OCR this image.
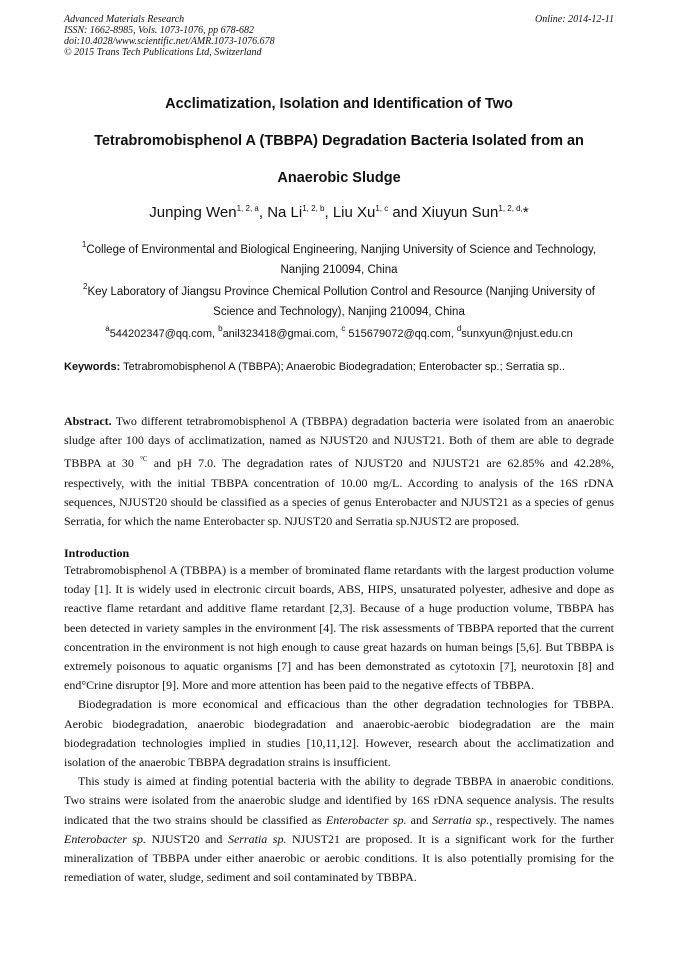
Advanced Materials Research
ISSN: 1662-8985, Vols. 1073-1076, pp 678-682
doi:10.4028/www.scientific.net/AMR.1073-1076.678
© 2015 Trans Tech Publications Ltd, Switzerland
Online: 2014-12-11
Acclimatization, Isolation and Identification of Two
Tetrabromobisphenol A (TBBPA) Degradation Bacteria Isolated from an
Anaerobic Sludge
Junping Wen$^{1, 2, a}$, Na Li$^{1, 2, b}$, Liu Xu$^{1, c}$ and Xiuyun Sun$^{1, 2, d,}$*
$^1$College of Environmental and Biological Engineering, Nanjing University of Science and Technology, Nanjing 210094, China
$^2$Key Laboratory of Jiangsu Province Chemical Pollution Control and Resource (Nanjing University of Science and Technology), Nanjing 210094, China
$^a$544202347@qq.com, $^b$anil323418@gmai.com, $^c$ 515679072@qq.com, $^d$sunxyun@njust.edu.cn
Keywords: Tetrabromobisphenol A (TBBPA); Anaerobic Biodegradation; Enterobacter sp.; Serratia sp..
Abstract. Two different tetrabromobisphenol A (TBBPA) degradation bacteria were isolated from an anaerobic sludge after 100 days of acclimatization, named as NJUST20 and NJUST21. Both of them are able to degrade TBBPA at 30 $^{^\circ C}$ and pH 7.0. The degradation rates of NJUST20 and NJUST21 are 62.85% and 42.28%, respectively, with the initial TBBPA concentration of 10.00 mg/L. According to analysis of the 16S rDNA sequences, NJUST20 should be classified as a species of genus Enterobacter and NJUST21 as a species of genus Serratia, for which the name Enterobacter sp. NJUST20 and Serratia sp.NJUST2 are proposed.
Introduction

Tetrabromobisphenol A (TBBPA) is a member of brominated flame retardants with the largest production volume today [1]. It is widely used in electronic circuit boards, ABS, HIPS, unsaturated polyester, adhesive and dope as reactive flame retardant and additive flame retardant [2,3]. Because of a huge production volume, TBBPA has been detected in variety samples in the environment [4]. The risk assessments of TBBPA reported that the current concentration in the environment is not high enough to cause great hazards on human beings [5,6]. But TBBPA is extremely poisonous to aquatic organisms [7] and has been demonstrated as cytotoxin [7], neurotoxin [8] and end°Crine disruptor [9]. More and more attention has been paid to the negative effects of TBBPA.

Biodegradation is more economical and efficacious than the other degradation technologies for TBBPA. Aerobic biodegradation, anaerobic biodegradation and anaerobic-aerobic biodegradation are the main biodegradation technologies implied in studies [10,11,12]. However, research about the acclimatization and isolation of the anaerobic TBBPA degradation strains is insufficient.

This study is aimed at finding potential bacteria with the ability to degrade TBBPA in anaerobic conditions. Two strains were isolated from the anaerobic sludge and identified by 16S rDNA sequence analysis. The results indicated that the two strains should be classified as Enterobacter sp. and Serratia sp., respectively. The names Enterobacter sp. NJUST20 and Serratia sp. NJUST21 are proposed. It is a significant work for the further mineralization of TBBPA under either anaerobic or aerobic conditions. It is also potentially promising for the remediation of water, sludge, sediment and soil contaminated by TBBPA.
